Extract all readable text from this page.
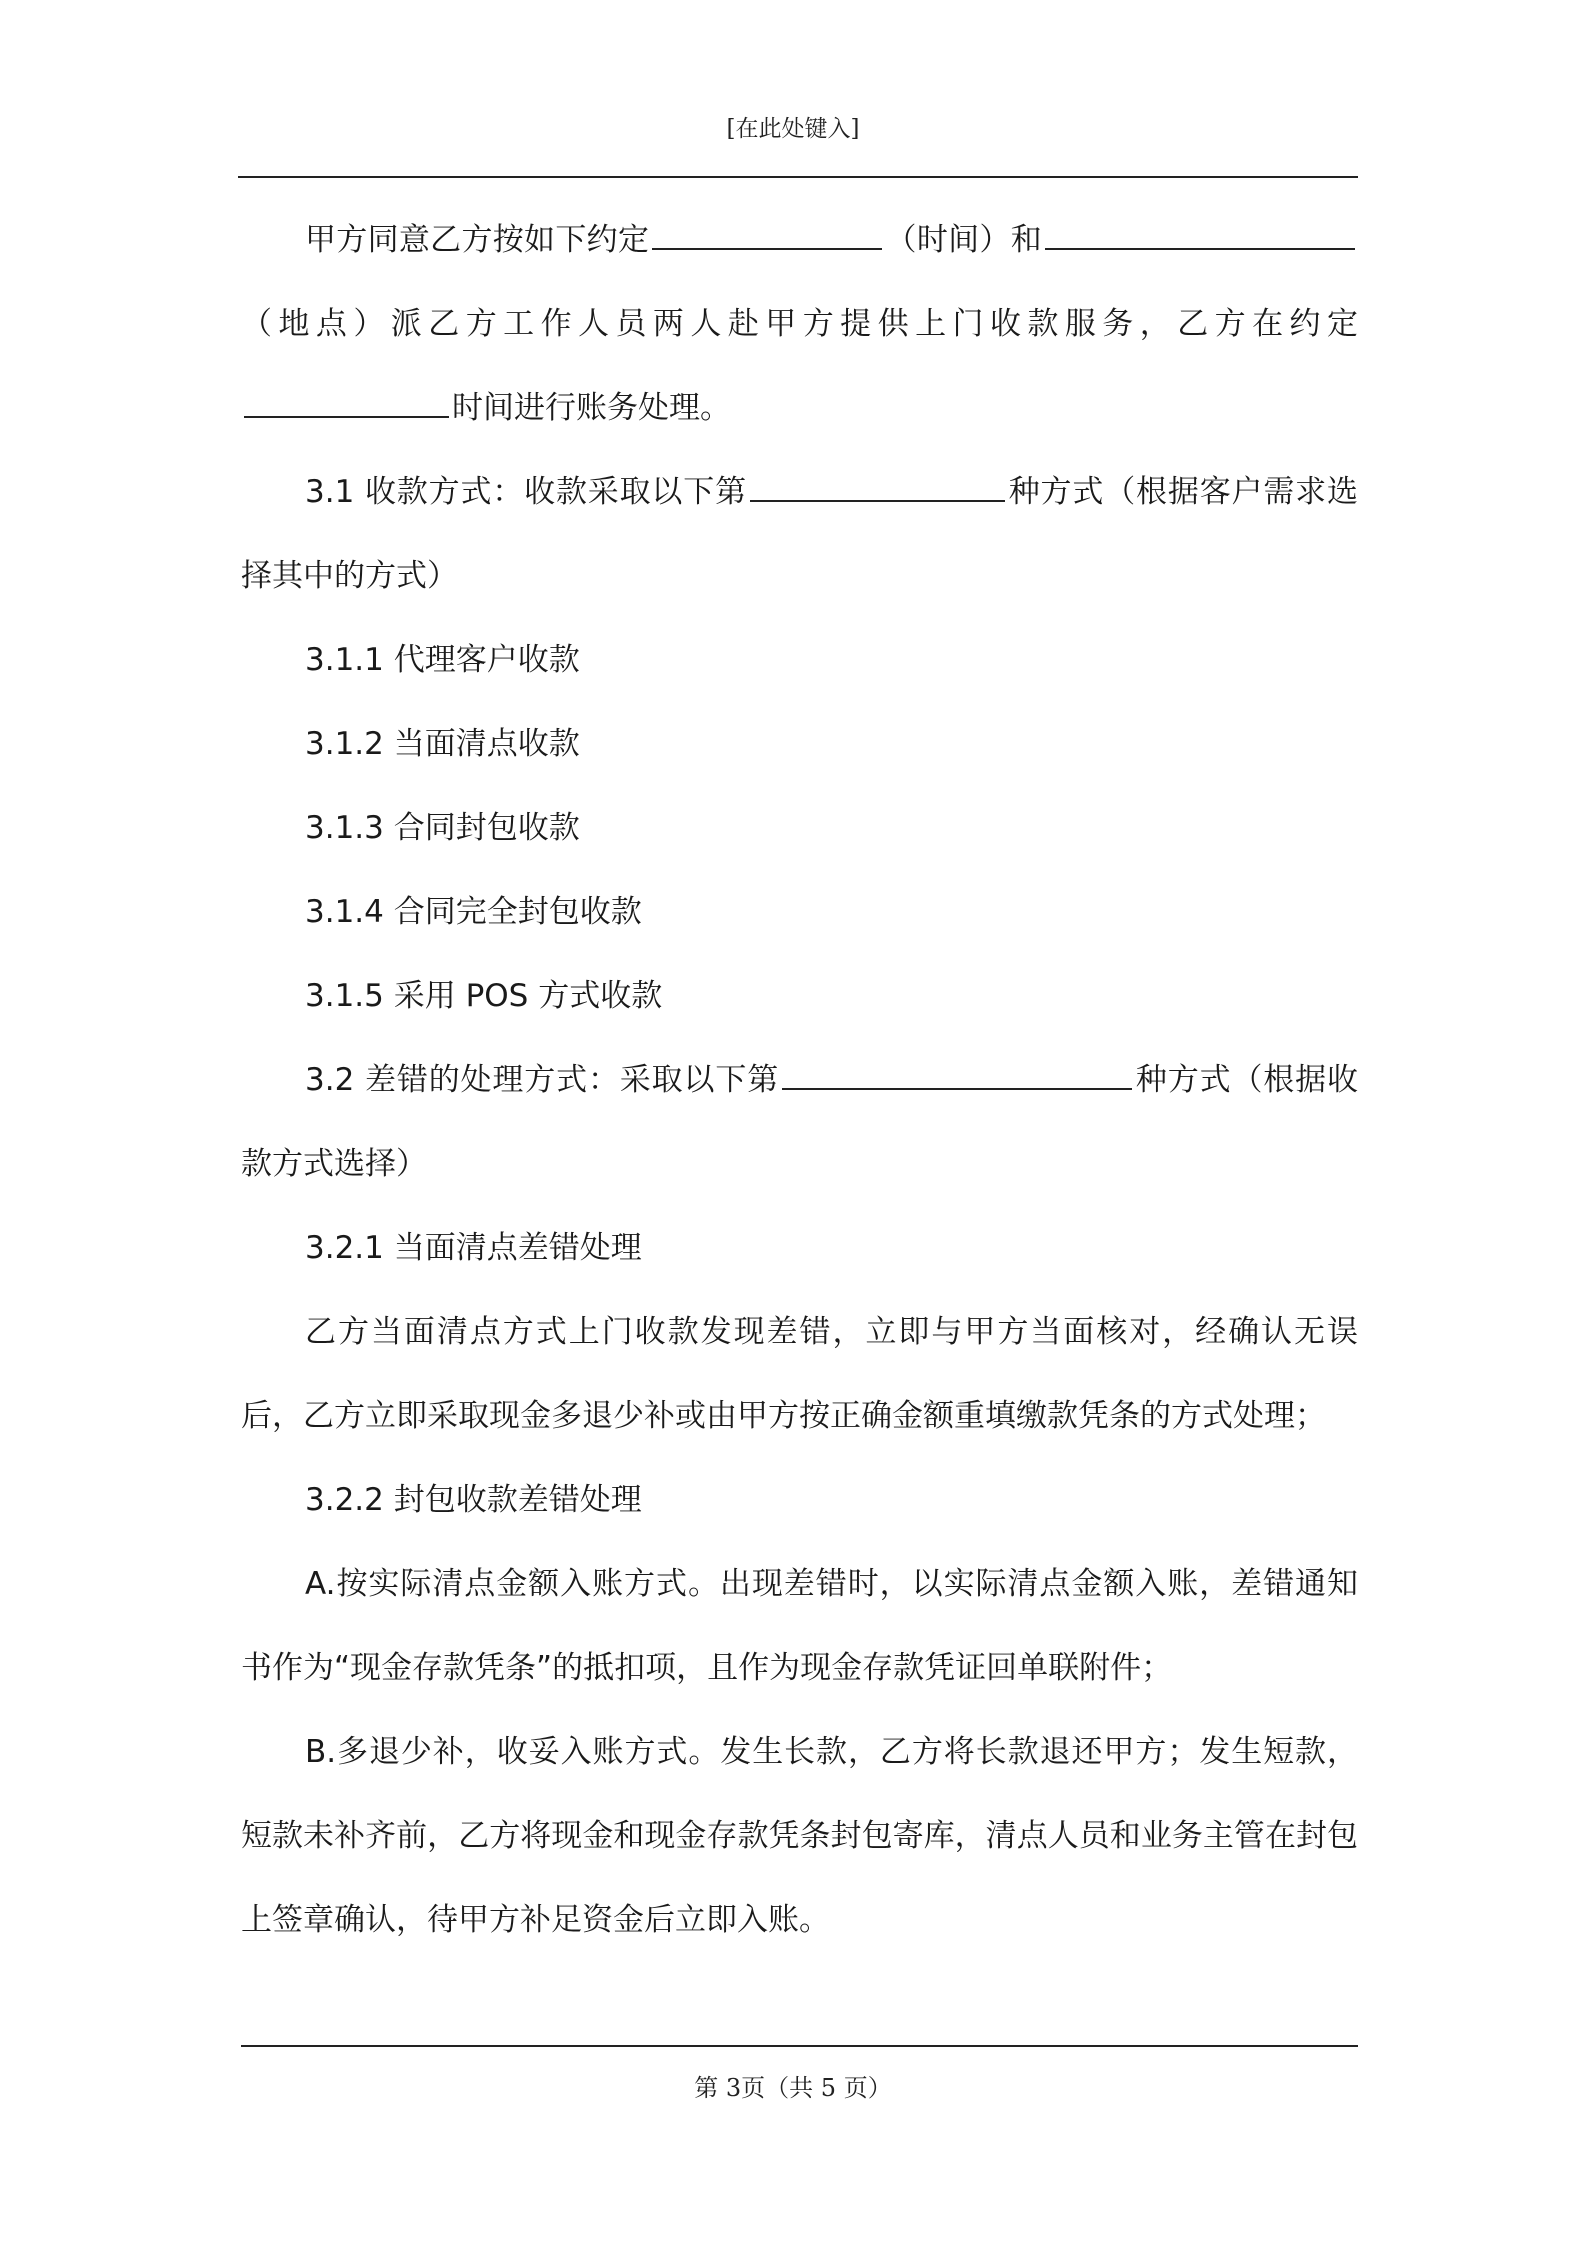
[在此处键入]

甲方同意乙方按如下约定	（时间）和（地点）派乙方工作人员两人赴甲方提供上门收款服务，乙方在约定时间进行账务处理。

3.1 收款方式：收款采取以下第	种方式（根据客户需求选择其中的方式）

3.1.1 代理客户收款

3.1.2 当面清点收款

3.1.3 合同封包收款

3.1.4 合同完全封包收款

3.1.5 采用 POS 方式收款

3.2 差错的处理方式：采取以下第	种方式（根据收款方式选择）

3.2.1 当面清点差错处理

乙方当面清点方式上门收款发现差错，立即与甲方当面核对，经确认无误后，乙方立即采取现金多退少补或由甲方按正确金额重填缴款凭条的方式处理；

3.2.2 封包收款差错处理

A.按实际清点金额入账方式。出现差错时，以实际清点金额入账，差错通知书作为“现金存款凭条”的抵扣项，且作为现金存款凭证回单联附件；

B.多退少补，收妥入账方式。发生长款，乙方将长款退还甲方；发生短款，短款未补齐前，乙方将现金和现金存款凭条封包寄库，清点人员和业务主管在封包上签章确认，待甲方补足资金后立即入账。

第 3页（共 5 页）
